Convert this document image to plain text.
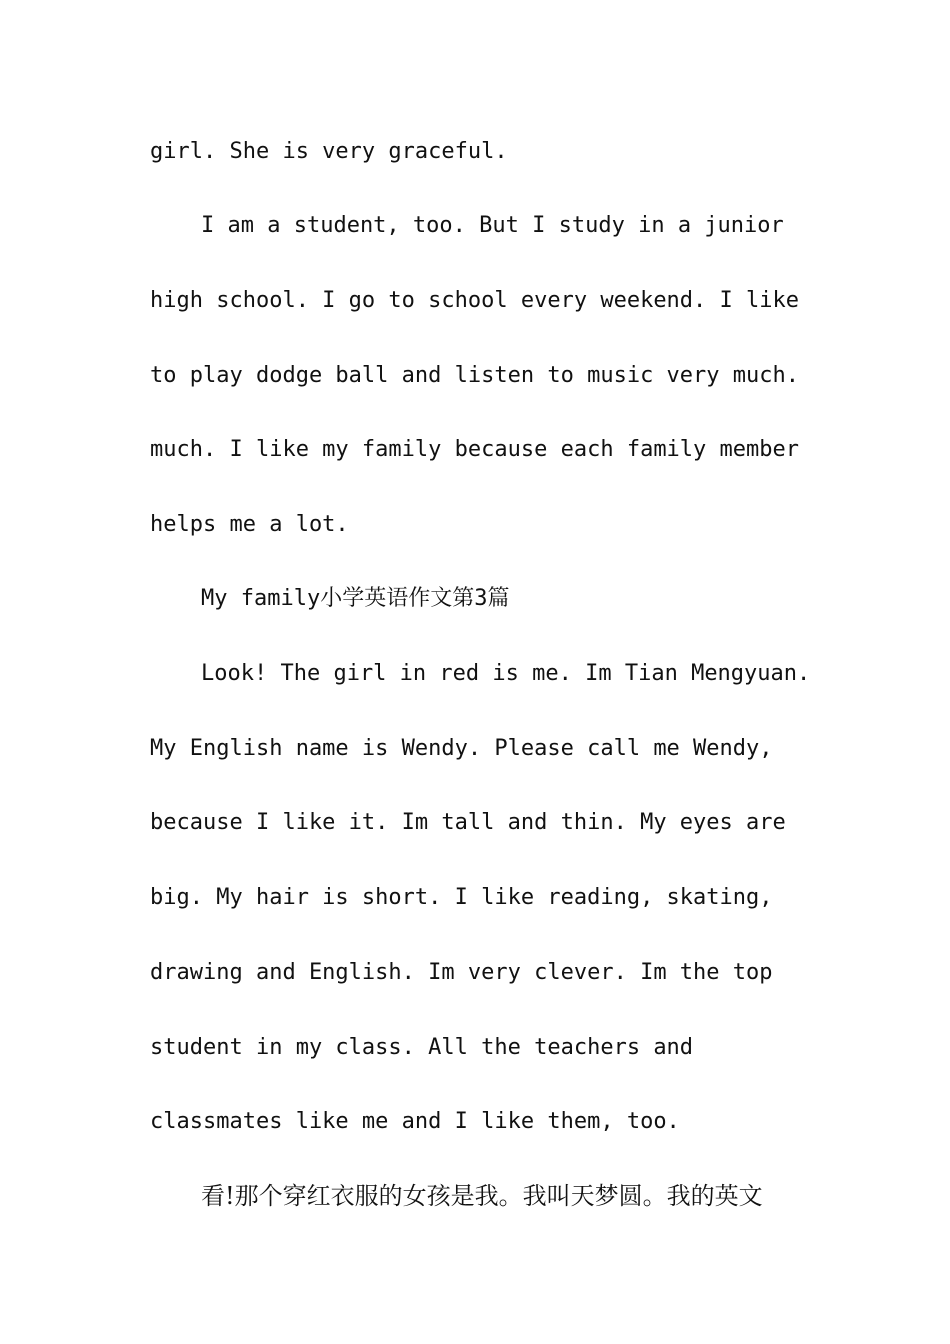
girl. She is very graceful.
I am a student, too. But I study in a junior
high school. I go to school every weekend. I like
to play dodge ball and listen to music very much.
much. I like my family because each family member
helps me a lot.
My family小学英语作文第3篇
Look! The girl in red is me. Im Tian Mengyuan.
My English name is Wendy. Please call me Wendy,
because I like it. Im tall and thin. My eyes are
big. My hair is short. I like reading, skating,
drawing and English. Im very clever. Im the top
student in my class. All the teachers and
classmates like me and I like them, too.
看!那个穿红衣服的女孩是我。我叫天梦圆。我的英文
